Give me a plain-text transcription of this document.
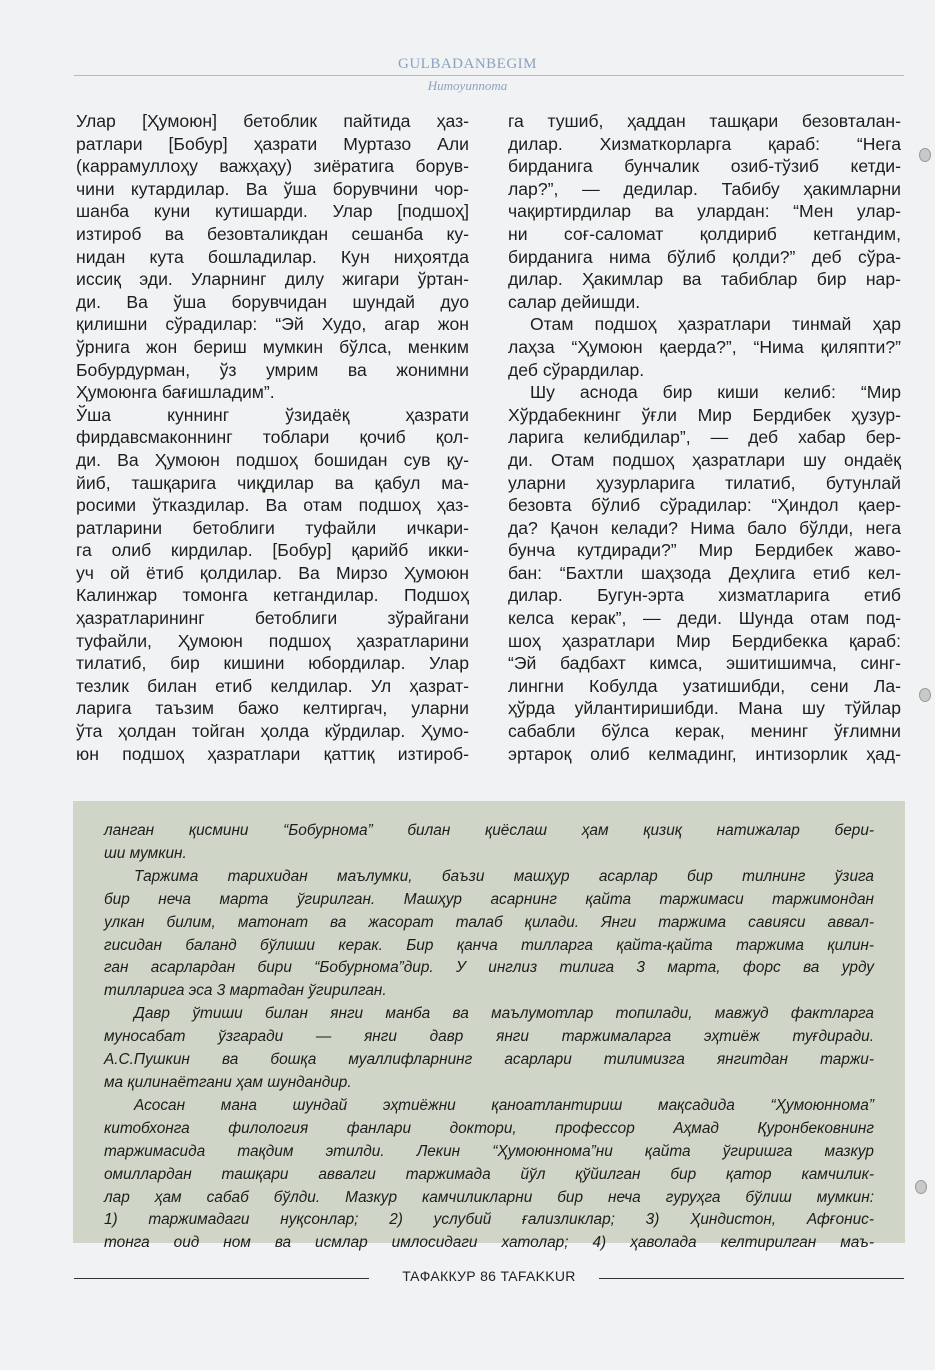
GULBADANBEGIM
Humoyunnoma
Улар [Ҳумоюн] бетоблик пайтида ҳаз-
ратлари [Бобур] ҳазрати Муртазо Али
(каррамуллоҳу важҳаҳу) зиёратига борув-
чини кутардилар. Ва ўша борувчини чор-
шанба куни кутишарди. Улар [подшоҳ]
изтироб ва безовталикдан сешанба ку-
нидан кута бошладилар. Кун ниҳоятда
иссиқ эди. Уларнинг дилу жигари ўртан-
ди. Ва ўша борувчидан шундай дуо
қилишни сўрадилар: “Эй Худо, агар жон
ўрнига жон бериш мумкин бўлса, менким
Бобурдурман, ўз умрим ва жонимни
Ҳумоюнга бағишладим”.
Ўша куннинг ўзидаёқ ҳазрати
фирдавсмаконнинг тоблари қочиб қол-
ди. Ва Ҳумоюн подшоҳ бошидан сув қу-
йиб, ташқарига чиқдилар ва қабул ма-
росими ўтказдилар. Ва отам подшоҳ ҳаз-
ратларини бетоблиги туфайли ичкари-
га олиб кирдилар. [Бобур] қарийб икки-
уч ой ётиб қолдилар. Ва Мирзо Ҳумоюн
Калинжар томонга кетгандилар. Подшоҳ
ҳазратларининг бетоблиги зўрайгани
туфайли, Ҳумоюн подшоҳ ҳазратларини
тилатиб, бир кишини юбордилар. Улар
тезлик билан етиб келдилар. Ул ҳазрат-
ларига таъзим бажо келтиргач, уларни
ўта ҳолдан тойган ҳолда кўрдилар. Ҳумо-
юн подшоҳ ҳазратлари қаттиқ изтироб-
га тушиб, ҳаддан ташқари безовталан-
дилар. Хизматкорларга қараб: “Нега
бирданига бунчалик озиб-тўзиб кетди-
лар?”, — дедилар. Табибу ҳакимларни
чақиртирдилар ва улардан: “Мен улар-
ни соғ-саломат қолдириб кетгандим,
бирданига нима бўлиб қолди?” деб сўра-
дилар. Ҳакимлар ва табиблар бир нар-
салар дейишди.
Отам подшоҳ ҳазратлари тинмай ҳар
лаҳза “Ҳумоюн қаерда?”, “Нима қиляпти?”
деб сўрардилар.
Шу аснода бир киши келиб: “Мир
Хўрдабекнинг ўғли Мир Бердибек ҳузур-
ларига келибдилар”, — деб хабар бер-
ди. Отам подшоҳ ҳазратлари шу ондаёқ
уларни ҳузурларига тилатиб, бутунлай
безовта бўлиб сўрадилар: “Ҳиндол қаер-
да? Қачон келади? Нима бало бўлди, нега
бунча кутдиради?” Мир Бердибек жаво-
бан: “Бахтли шаҳзода Деҳлига етиб кел-
дилар. Бугун-эрта хизматларига етиб
келса керак”, — деди. Шунда отам под-
шоҳ ҳазратлари Мир Бердибекка қараб:
“Эй бадбахт кимса, эшитишимча, синг-
лингни Кобулда узатишибди, сени Ла-
ҳўрда уйлантиришибди. Мана шу тўйлар
сабабли бўлса керак, менинг ўғлимни
эртароқ олиб келмадинг, интизорлик ҳад-
ланган қисмини “Бобурнома” билан қиёслаш ҳам қизиқ натижалар бери-
ши мумкин.
Таржима тарихидан маълумки, баъзи машҳур асарлар бир тилнинг ўзига
бир неча марта ўгирилган. Машҳур асарнинг қайта таржимаси таржимондан
улкан билим, матонат ва жасорат талаб қилади. Янги таржима савияси аввал-
гисидан баланд бўлиши керак. Бир қанча тилларга қайта-қайта таржима қилин-
ган асарлардан бири “Бобурнома”дир. У инглиз тилига 3 марта, форс ва урду
тилларига эса 3 мартадан ўгирилган.
Давр ўтиши билан янги манба ва маълумотлар топилади, мавжуд фактларга
муносабат ўзгаради — янги давр янги таржималарга эҳтиёж туғдиради.
А.С.Пушкин ва бошқа муаллифларнинг асарлари тилимизга янгитдан таржи-
ма қилинаётгани ҳам шундандир.
Асосан мана шундай эҳтиёжни қаноатлантириш мақсадида “Ҳумоюннома”
китобхонга филология фанлари доктори, профессор Аҳмад Қуронбековнинг
таржимасида тақдим этилди. Лекин “Ҳумоюннома”ни қайта ўгиришга мазкур
омиллардан ташқари аввалги таржимада йўл қўйилган бир қатор камчилик-
лар ҳам сабаб бўлди. Мазкур камчиликларни бир неча гуруҳга бўлиш мумкин:
1) таржимадаги нуқсонлар; 2) услубий ғализликлар; 3) Ҳиндистон, Афғонис-
тонга оид ном ва исмлар имлосидаги хатолар; 4) ҳаволада келтирилган маъ-
TAФАККУР 86 TAFAKKUR
